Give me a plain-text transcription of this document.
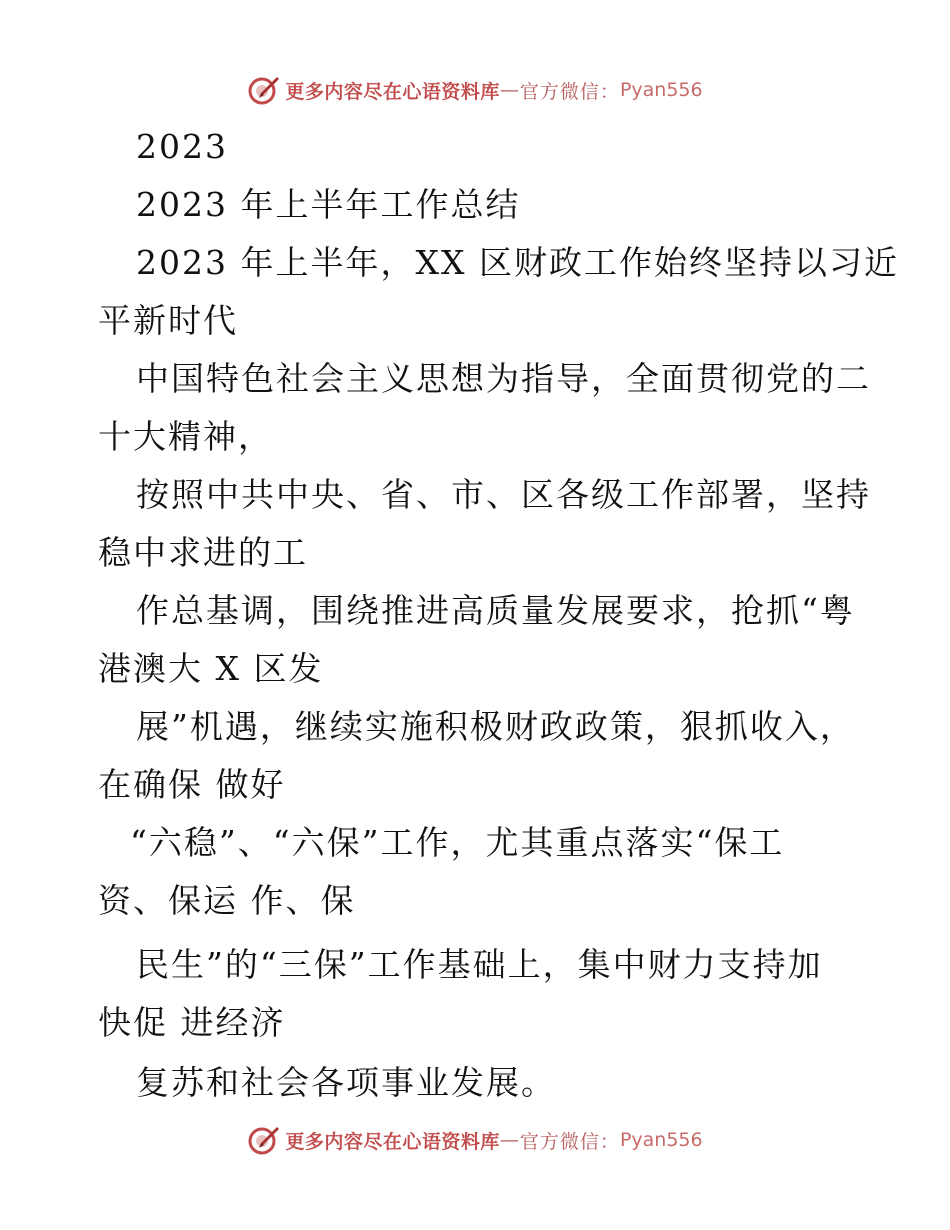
更多内容尽在心语资料库 — 官方微信： Pyan556
2023
2023 年上半年工作总结
2023 年上半年，XX 区财政工作始终坚持以习近
平新时代
中国特色社会主义思想为指导，全面贯彻党的二
十大精神，
按照中共中央、省、市、区各级工作部署，坚持
稳中求进的工
作总基调，围绕推进高质量发展要求，抢抓“粤
港澳大 X 区发
展”机遇，继续实施积极财政政策，狠抓收入，
在确保 做好
“六稳”、“六保”工作，尤其重点落实“保工
资、保运 作、保
民生”的“三保”工作基础上，集中财力支持加
快促 进经济
复苏和社会各项事业发展。
更多内容尽在心语资料库 — 官方微信： Pyan556
